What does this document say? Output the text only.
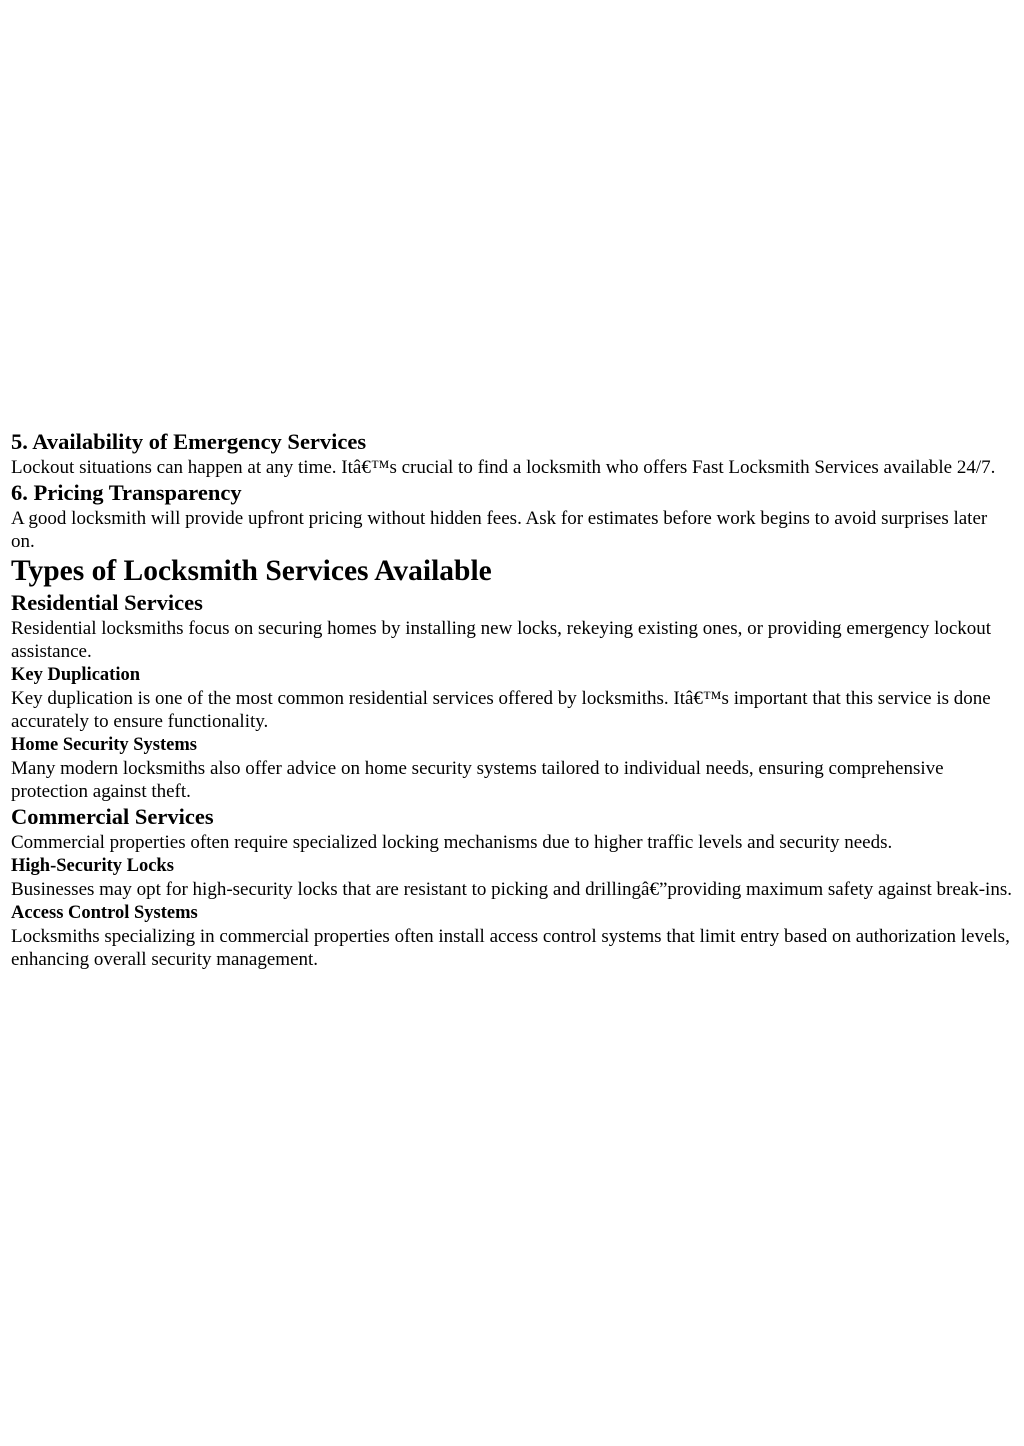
5. Availability of Emergency Services

Lockout situations can happen at any time. Itâ€™s crucial to find a locksmith who offers Fast Locksmith Services available 24/7.

6. Pricing Transparency

A good locksmith will provide upfront pricing without hidden fees. Ask for estimates before work begins to avoid surprises later on.

Types of Locksmith Services Available
Residential Services

Residential locksmiths focus on securing homes by installing new locks, rekeying existing ones, or providing emergency lockout assistance.

Key Duplication

Key duplication is one of the most common residential services offered by locksmiths. Itâ€™s important that this service is done accurately to ensure functionality.

Home Security Systems

Many modern locksmiths also offer advice on home security systems tailored to individual needs, ensuring comprehensive protection against theft.

Commercial Services

Commercial properties often require specialized locking mechanisms due to higher traffic levels and security needs.

High-Security Locks

Businesses may opt for high-security locks that are resistant to picking and drillingâ€”providing maximum safety against break-ins.

Access Control Systems

Locksmiths specializing in commercial properties often install access control systems that limit entry based on authorization levels, enhancing overall security management.
